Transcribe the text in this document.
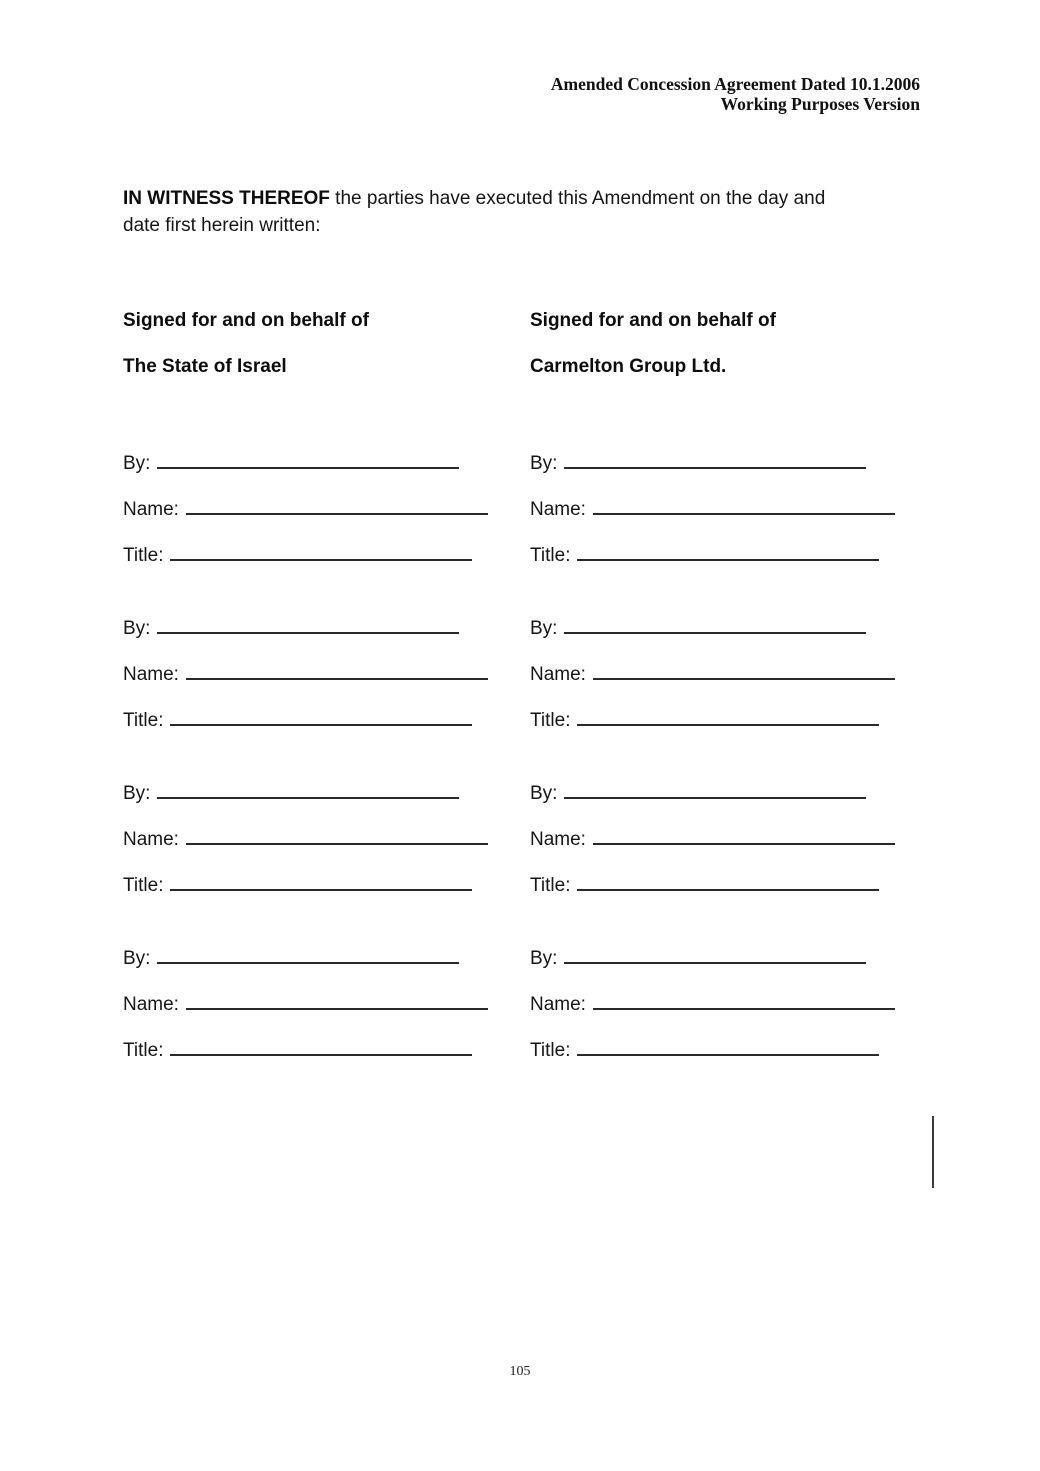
Amended Concession Agreement Dated 10.1.2006
Working Purposes Version
IN WITNESS THEREOF the parties have executed this Amendment on the day and
date first herein written:
Signed for and on behalf of
The State of Israel
By:
Name:
Title:
By:
Name:
Title:
By:
Name:
Title:
By:
Name:
Title:
Signed for and on behalf of
Carmelton Group Ltd.
By:
Name:
Title:
By:
Name:
Title:
By:
Name:
Title:
By:
Name:
Title:
105
